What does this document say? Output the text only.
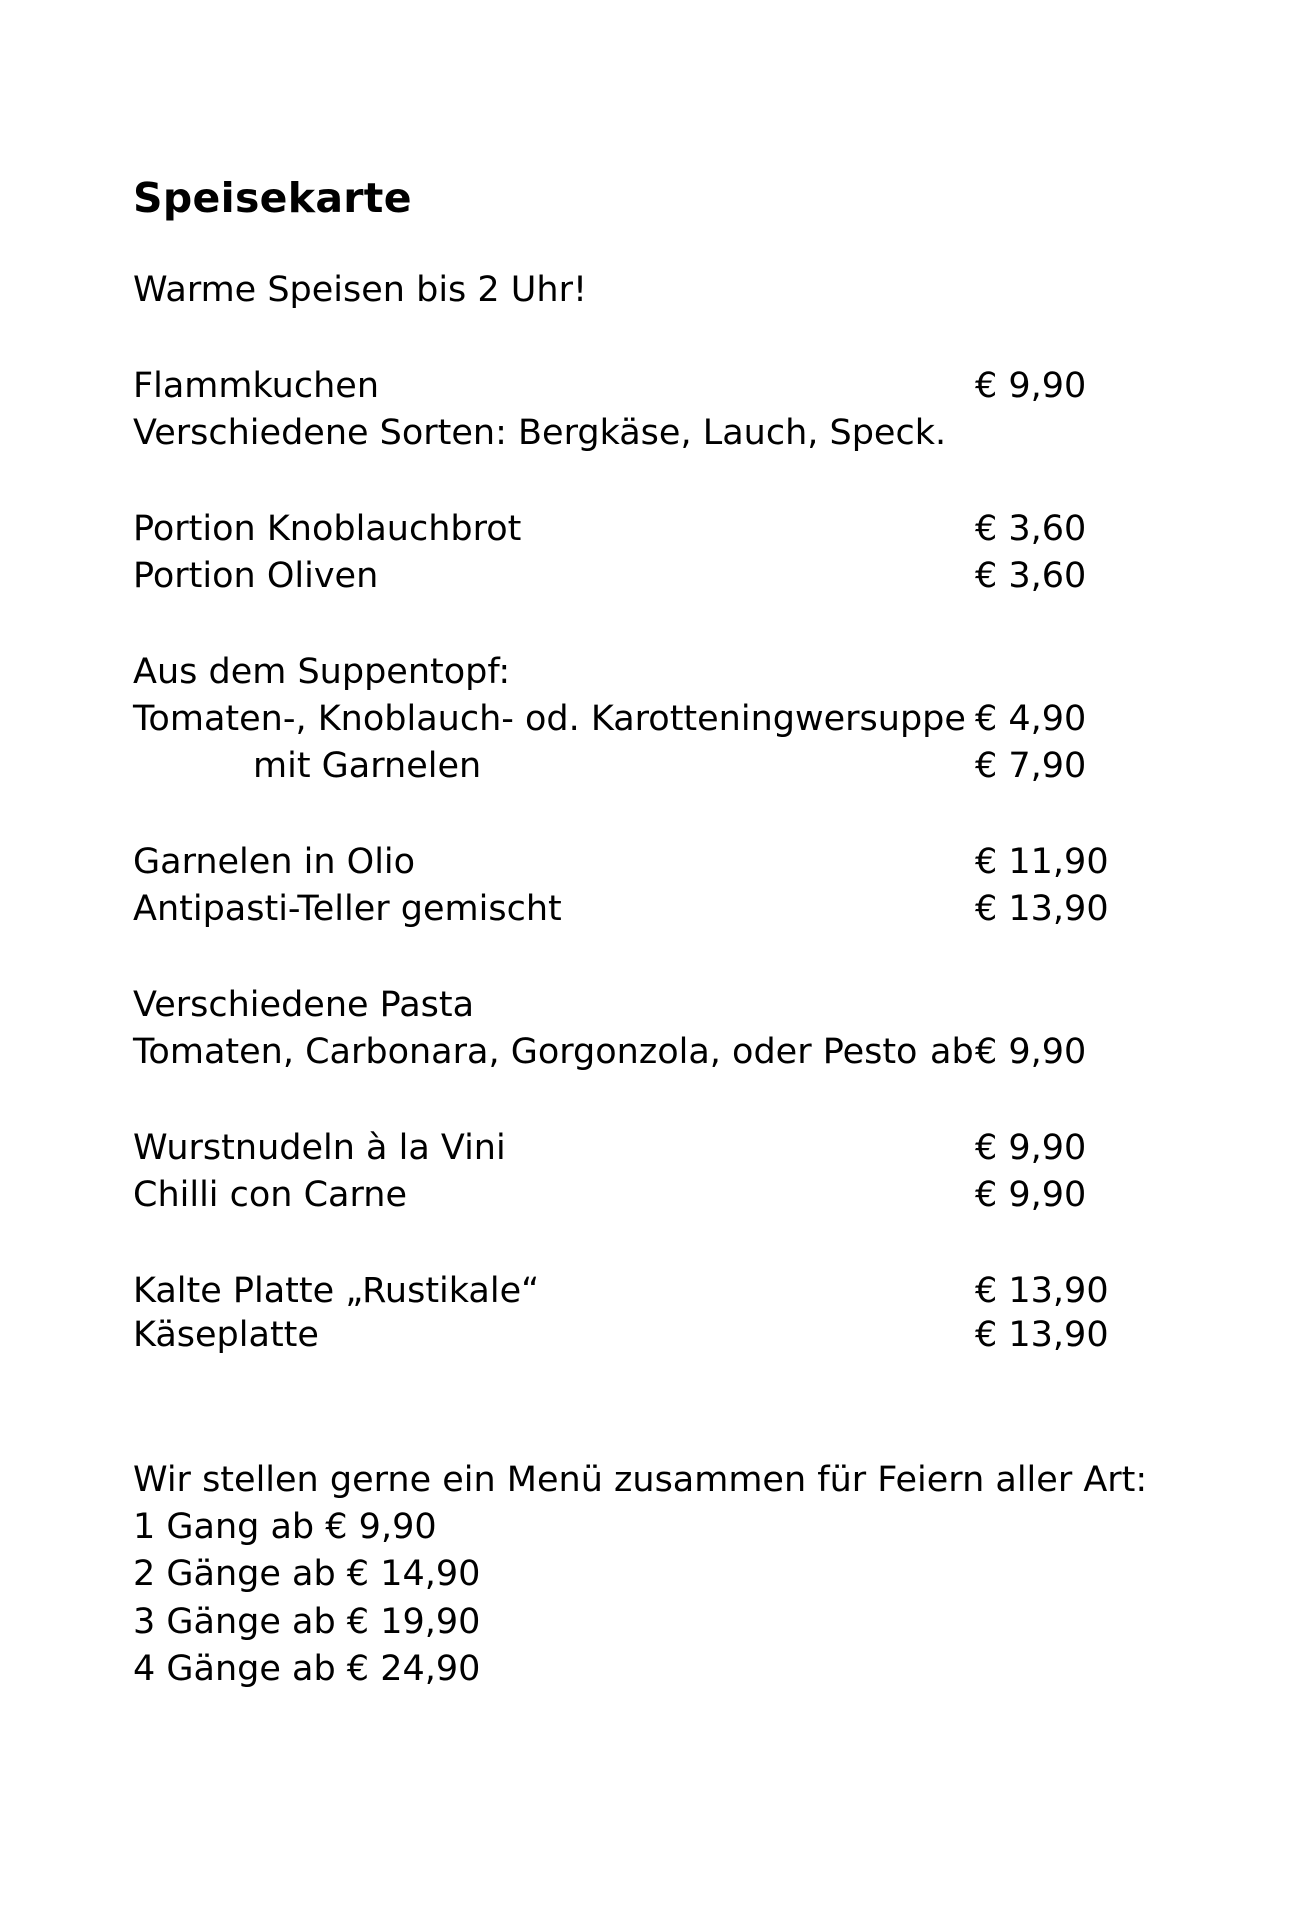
Speisekarte
Warme Speisen bis 2 Uhr!
Flammkuchen	€ 9,90
Verschiedene Sorten: Bergkäse, Lauch, Speck.
Portion Knoblauchbrot	€ 3,60
Portion Oliven	€ 3,60
Aus dem Suppentopf:
Tomaten-, Knoblauch- od. Karotteningwersuppe € 4,90
mit Garnelen	€ 7,90
Garnelen in Olio	€ 11,90
Antipasti-Teller gemischt	€ 13,90
Verschiedene Pasta
Tomaten, Carbonara, Gorgonzola, oder Pesto ab € 9,90
Wurstnudeln à la Vini	€ 9,90
Chilli con Carne	€ 9,90
Kalte Platte „Rustikale“	€ 13,90
Käseplatte	€ 13,90
Wir stellen gerne ein Menü zusammen für Feiern aller Art:
1 Gang ab € 9,90
2 Gänge ab € 14,90
3 Gänge ab € 19,90
4 Gänge ab € 24,90
